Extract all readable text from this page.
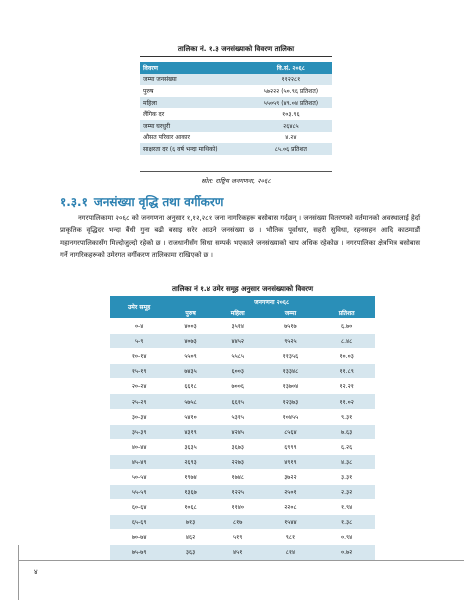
तालिका नं. १.३ जनसंख्याको विवरण तालिका
विवरण	वि.सं. २०६८
जम्मा जनसंख्या	११२२८१
पुरुष	५७२२२ (५०.९६ प्रतिशत)
महिला	५५०५९ (४९.०४ प्रतिशत)
लैंगिक दर	१०३.९६
जम्मा घरधुरी	२६४८५
औसत परिवार आकार	४.२४
साक्षरता दर (६ वर्ष भन्दा माथिको)	८५.०६ प्रतिशत
स्रोत: राष्ट्रिय जनगणना, २०६८
१.३.१ जनसंख्या वृद्धि तथा वर्गीकरण
नगरपालिकामा २०६८ को जनगणना अनुसार १,१२,२८१ जना नागरिकहरू बसोबास गर्दछन् । जनसंख्या वितरणको वर्तमानको अवस्थालाई हेर्दा प्राकृतिक वृद्धिदर भन्दा बैंधी गुना बढी बसाइ सरेर आउने जनसंख्या छ । भौतिक पूर्वाधार, सहरी सुविधा, रहनसहन आदि काठमाडौं महानगरपालिकासँग मिल्दोजुल्दो रहेको छ । राजधानीसँग सिधा सम्पर्क भएकाले जनसंख्याको चाप अधिक रहेकोछ । नगरपालिका क्षेत्रभित्र बसोबास गर्ने नागरिकहरूको उमेरगत वर्गीकरण तालिकामा राखिएको छ ।
तालिका नं १.४ उमेर समूह अनुसार जनसंख्याको विवरण
उमेर समूह	जनगणना २०६८			
	पुरुष	महिला	जम्मा	प्रतिशत
०-४	४००३	३५१४	७५१७	६.७०
५-९	४०७३	४४५२	९५२५	८.४८
१०-१४	५५०९	५५८५	११३५६	१०.०३
१५-१९	७४३५	६००३	१३३४८	११.८९
२०-२४	६६१८	७००६	१३७०४	१२.२१
२५-२९	५७५८	६६१५	१२३७३	११.०२
३०-३४	५४१०	५३१५	१०४५५	९.३१
३५-३९	४३१९	४२४५	८५६४	७.६३
४०-४४	३६३५	३६७३	६९९९	६.२६
४५-४९	२६९३	२२७३	४९१९	४.३८
५०-५४	१९७४	१७४८	३७२२	३.३१
५५-५९	१३६७	१२२५	२५०१	२.३२
६०-६४	१०६८	११४०	२२०८	१.९४
६५-६९	७१३	८१७	१५४४	१.३८
७०-७४	४६२	५१९	९८१	०.९४
७५-७९	३६३	४५१	८१४	०.७२
४
